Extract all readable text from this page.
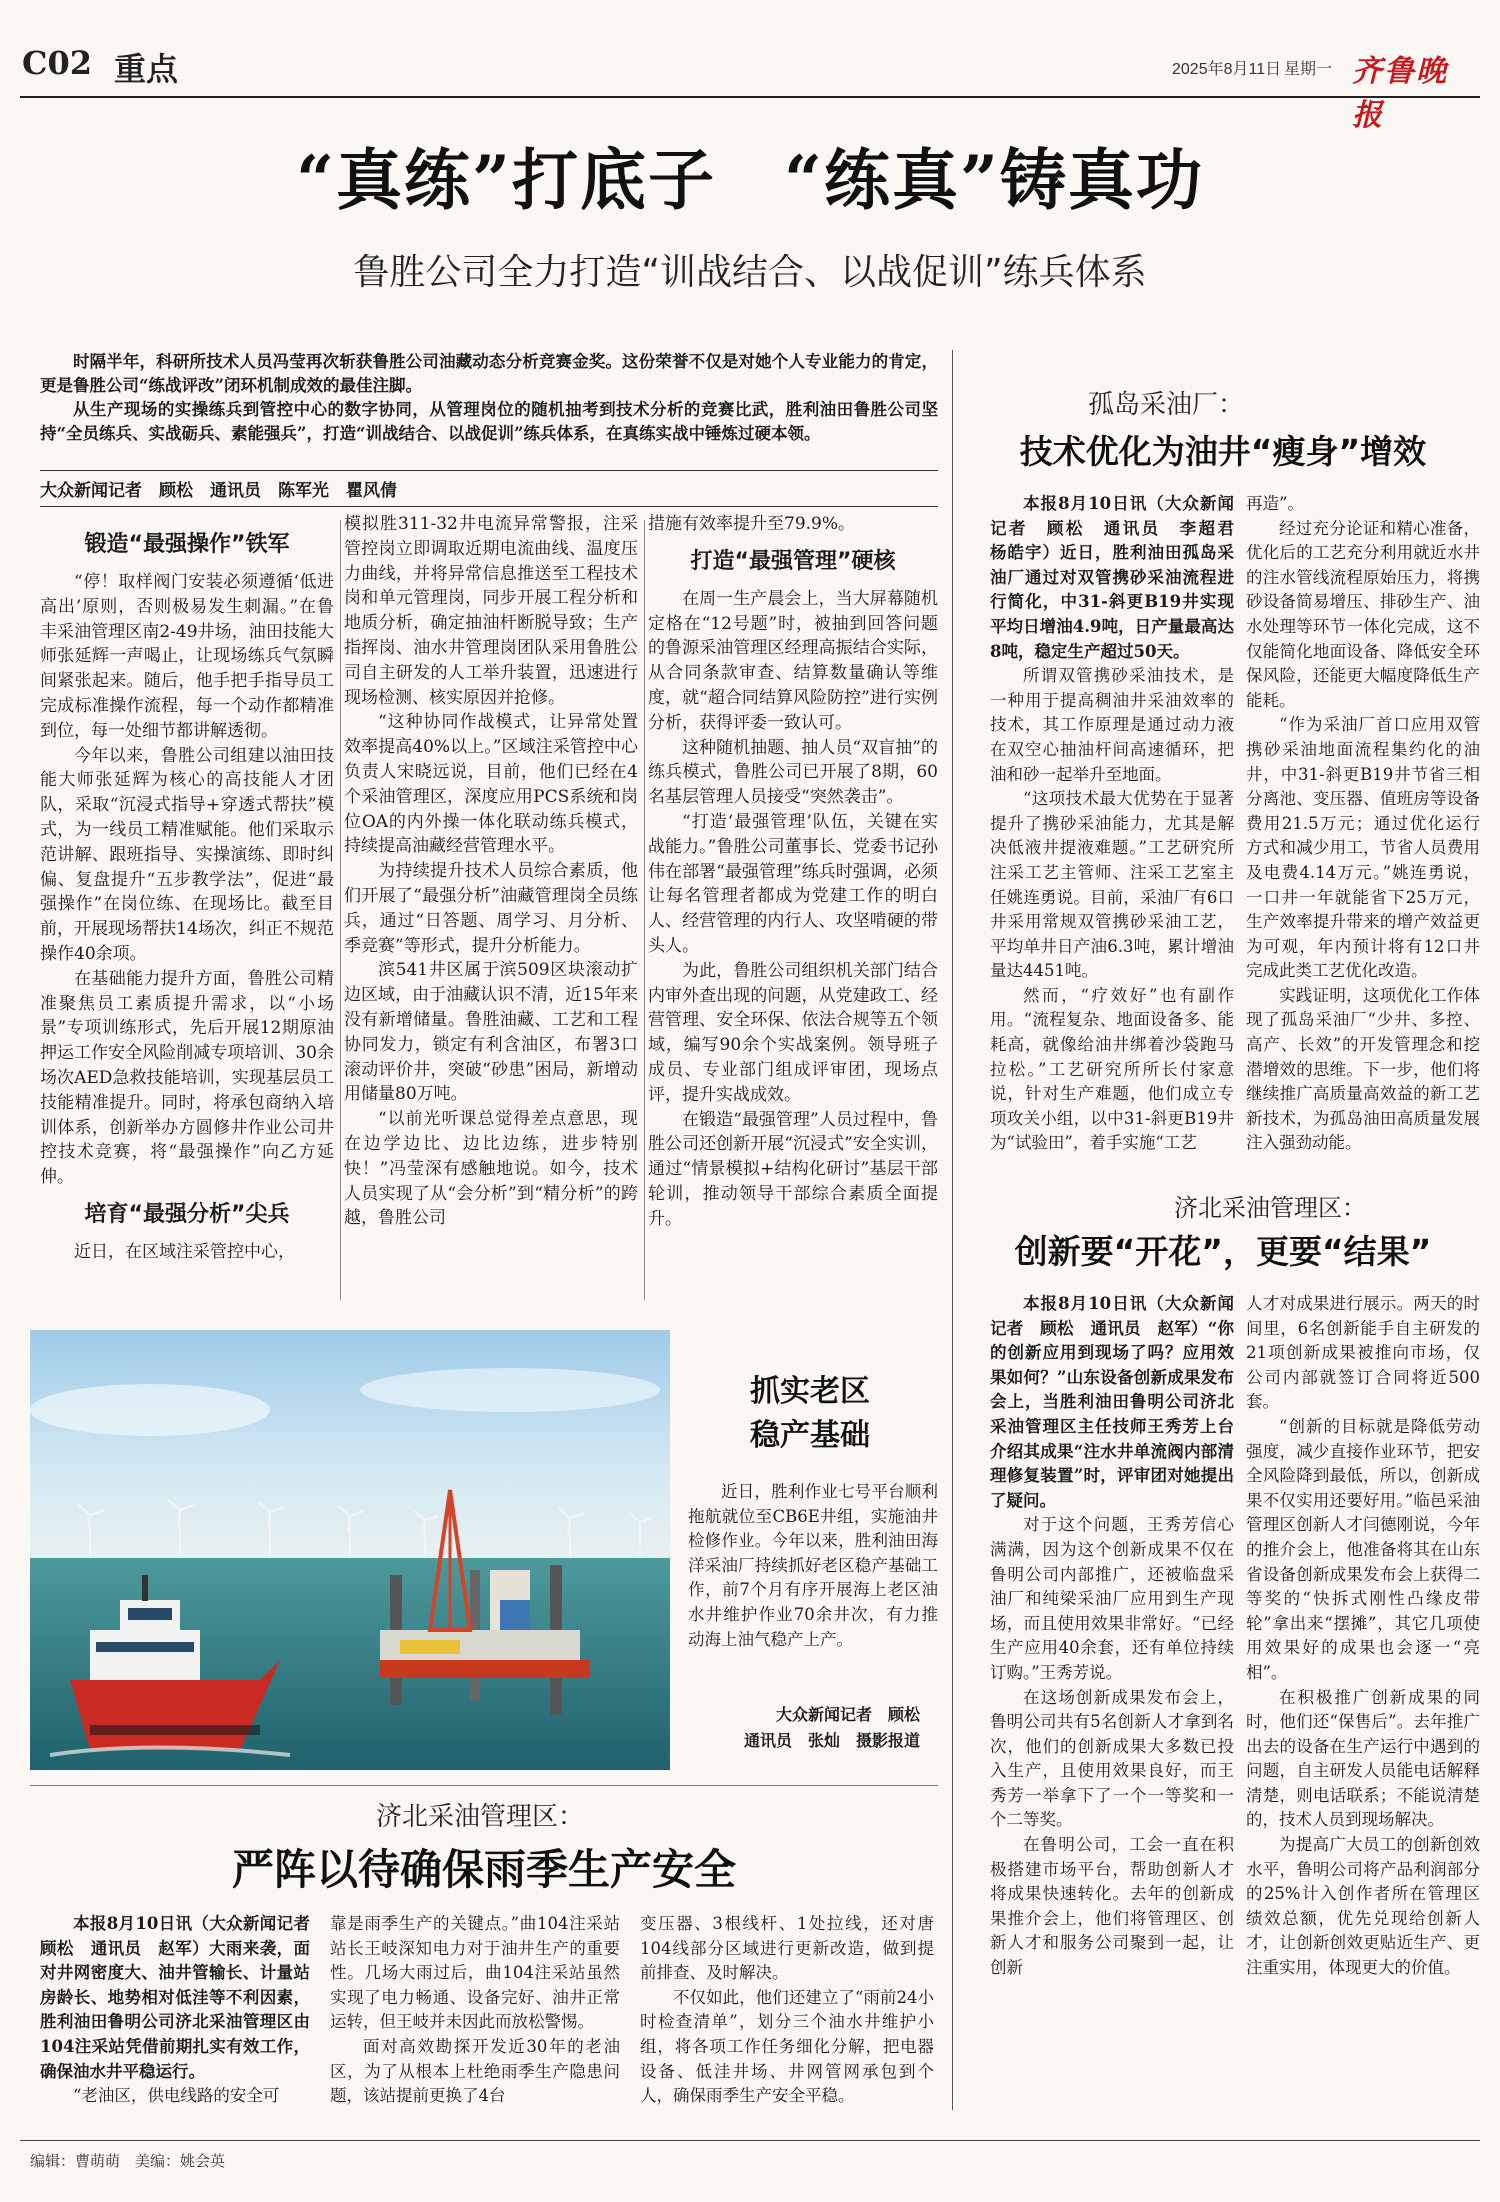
C02 重点	2025年8月11日 星期一 齐鲁晚报
“真练”打底子　“练真”铸真功
鲁胜公司全力打造“训战结合、以战促训”练兵体系

时隔半年，科研所技术人员冯莹再次斩获鲁胜公司油藏动态分析竞赛金奖。这份荣誉不仅是对她个人专业能力的肯定，更是鲁胜公司“练战评改”闭环机制成效的最佳注脚。

从生产现场的实操练兵到管控中心的数字协同，从管理岗位的随机抽考到技术分析的竞赛比武，胜利油田鲁胜公司坚持“全员练兵、实战砺兵、素能强兵”，打造“训战结合、以战促训”练兵体系，在真练实战中锤炼过硬本领。

大众新闻记者　顾松　通讯员　陈军光　瞿风倩
锻造“最强操作”铁军

“停！取样阀门安装必须遵循‘低进高出’原则，否则极易发生刺漏。”在鲁丰采油管理区南2-49井场，油田技能大师张延辉一声喝止，让现场练兵气氛瞬间紧张起来。随后，他手把手指导员工完成标准操作流程，每一个动作都精准到位，每一处细节都讲解透彻。

今年以来，鲁胜公司组建以油田技能大师张延辉为核心的高技能人才团队，采取“沉浸式指导+穿透式帮扶”模式，为一线员工精准赋能。他们采取示范讲解、跟班指导、实操演练、即时纠偏、复盘提升“五步教学法”，促进“最强操作”在岗位练、在现场比。截至目前，开展现场帮扶14场次，纠正不规范操作40余项。

在基础能力提升方面，鲁胜公司精准聚焦员工素质提升需求，以“小场景”专项训练形式，先后开展12期原油押运工作安全风险削减专项培训、30余场次AED急救技能培训，实现基层员工技能精准提升。同时，将承包商纳入培训体系，创新举办方圆修井作业公司井控技术竞赛，将“最强操作”向乙方延伸。

培育“最强分析”尖兵

近日，在区域注采管控中心，

模拟胜311-32井电流异常警报，注采管控岗立即调取近期电流曲线、温度压力曲线，并将异常信息推送至工程技术岗和单元管理岗，同步开展工程分析和地质分析，确定抽油杆断脱导致；生产指挥岗、油水井管理岗团队采用鲁胜公司自主研发的人工举升装置，迅速进行现场检测、核实原因并抢修。

“这种协同作战模式，让异常处置效率提高40%以上。”区域注采管控中心负责人宋晓远说，目前，他们已经在4个采油管理区，深度应用PCS系统和岗位OA的内外操一体化联动练兵模式，持续提高油藏经营管理水平。

为持续提升技术人员综合素质，他们开展了“最强分析”油藏管理岗全员练兵，通过“日答题、周学习、月分析、季竞赛”等形式，提升分析能力。

滨541井区属于滨509区块滚动扩边区域，由于油藏认识不清，近15年来没有新增储量。鲁胜油藏、工艺和工程协同发力，锁定有利含油区，布署3口滚动评价井，突破“砂患”困局，新增动用储量80万吨。

“以前光听课总觉得差点意思，现在边学边比、边比边练，进步特别快！”冯莹深有感触地说。如今，技术人员实现了从“会分析”到“精分析”的跨越，鲁胜公司

措施有效率提升至79.9%。

打造“最强管理”硬核

在周一生产晨会上，当大屏幕随机定格在“12号题”时，被抽到回答问题的鲁源采油管理区经理高振结合实际，从合同条款审查、结算数量确认等维度，就“超合同结算风险防控”进行实例分析，获得评委一致认可。

这种随机抽题、抽人员“双盲抽”的练兵模式，鲁胜公司已开展了8期，60名基层管理人员接受“突然袭击”。

“打造‘最强管理’队伍，关键在实战能力。”鲁胜公司董事长、党委书记孙伟在部署“最强管理”练兵时强调，必须让每名管理者都成为党建工作的明白人、经营管理的内行人、攻坚啃硬的带头人。

为此，鲁胜公司组织机关部门结合内审外查出现的问题，从党建政工、经营管理、安全环保、依法合规等五个领域，编写90余个实战案例。领导班子成员、专业部门组成评审团，现场点评，提升实战成效。

在锻造“最强管理”人员过程中，鲁胜公司还创新开展“沉浸式”安全实训，通过“情景模拟+结构化研讨”基层干部轮训，推动领导干部综合素质全面提升。

孤岛采油厂：
技术优化为油井“瘦身”增效

本报8月10日讯（大众新闻记者　顾松　通讯员　李超君　杨皓宇）近日，胜利油田孤岛采油厂通过对双管携砂采油流程进行简化，中31-斜更B19井实现平均日增油4.9吨，日产量最高达8吨，稳定生产超过50天。

所谓双管携砂采油技术，是一种用于提高稠油井采油效率的技术，其工作原理是通过动力液在双空心抽油杆间高速循环，把油和砂一起举升至地面。

“这项技术最大优势在于显著提升了携砂采油能力，尤其是解决低液井提液难题。”工艺研究所注采工艺主管师、注采工艺室主任姚连勇说。目前，采油厂有6口井采用常规双管携砂采油工艺，平均单井日产油6.3吨，累计增油量达4451吨。

然而，“疗效好”也有副作用。“流程复杂、地面设备多、能耗高，就像给油井绑着沙袋跑马拉松。”工艺研究所所长付家意说，针对生产难题，他们成立专项攻关小组，以中31-斜更B19井为“试验田”，着手实施“工艺

再造”。

经过充分论证和精心准备，优化后的工艺充分利用就近水井的注水管线流程原始压力，将携砂设备简易增压、排砂生产、油水处理等环节一体化完成，这不仅能简化地面设备、降低安全环保风险，还能更大幅度降低生产能耗。

“作为采油厂首口应用双管携砂采油地面流程集约化的油井，中31-斜更B19井节省三相分离池、变压器、值班房等设备费用21.5万元；通过优化运行方式和减少用工，节省人员费用及电费4.14万元。”姚连勇说，一口井一年就能省下25万元，生产效率提升带来的增产效益更为可观，年内预计将有12口井完成此类工艺优化改造。

实践证明，这项优化工作体现了孤岛采油厂“少井、多控、高产、长效”的开发管理念和挖潜增效的思维。下一步，他们将继续推广高质量高效益的新工艺新技术，为孤岛油田高质量发展注入强劲动能。

济北采油管理区：
创新要“开花”，更要“结果”

本报8月10日讯（大众新闻记者　顾松　通讯员　赵军）“你的创新应用到现场了吗？应用效果如何？”山东设备创新成果发布会上，当胜利油田鲁明公司济北采油管理区主任技师王秀芳上台介绍其成果“注水井单流阀内部清理修复装置”时，评审团对她提出了疑问。

对于这个问题，王秀芳信心满满，因为这个创新成果不仅在鲁明公司内部推广，还被临盘采油厂和纯梁采油厂应用到生产现场，而且使用效果非常好。“已经生产应用40余套，还有单位持续订购。”王秀芳说。

在这场创新成果发布会上，鲁明公司共有5名创新人才拿到名次，他们的创新成果大多数已投入生产，且使用效果良好，而王秀芳一举拿下了一个一等奖和一个二等奖。

在鲁明公司，工会一直在积极搭建市场平台，帮助创新人才将成果快速转化。去年的创新成果推介会上，他们将管理区、创新人才和服务公司聚到一起，让创新

人才对成果进行展示。两天的时间里，6名创新能手自主研发的21项创新成果被推向市场，仅公司内部就签订合同将近500套。

“创新的目标就是降低劳动强度，减少直接作业环节，把安全风险降到最低，所以，创新成果不仅实用还要好用。”临邑采油管理区创新人才闫德刚说，今年的推介会上，他准备将其在山东省设备创新成果发布会上获得二等奖的“快拆式刚性凸缘皮带轮”拿出来“摆摊”，其它几项使用效果好的成果也会逐一“亮相”。

在积极推广创新成果的同时，他们还“保售后”。去年推广出去的设备在生产运行中遇到的问题，自主研发人员能电话解释清楚，则电话联系；不能说清楚的，技术人员到现场解决。

为提高广大员工的创新创效水平，鲁明公司将产品利润部分的25%计入创作者所在管理区绩效总额，优先兑现给创新人才，让创新创效更贴近生产、更注重实用，体现更大的价值。

抓实老区
稳产基础
近日，胜利作业七号平台顺利拖航就位至CB6E井组，实施油井检修作业。今年以来，胜利油田海洋采油厂持续抓好老区稳产基础工作，前7个月有序开展海上老区油水井维护作业70余井次，有力推动海上油气稳产上产。
大众新闻记者　顾松
通讯员　张灿　摄影报道
济北采油管理区：
严阵以待确保雨季生产安全

本报8月10日讯（大众新闻记者　顾松　通讯员　赵军）大雨来袭，面对井网密度大、油井管输长、计量站房龄长、地势相对低洼等不利因素，胜利油田鲁明公司济北采油管理区由104注采站凭借前期扎实有效工作，确保油水井平稳运行。

“老油区，供电线路的安全可

靠是雨季生产的关键点。”曲104注采站站长王岐深知电力对于油井生产的重要性。几场大雨过后，曲104注采站虽然实现了电力畅通、设备完好、油井正常运转，但王岐并未因此而放松警惕。

面对高效勘探开发近30年的老油区，为了从根本上杜绝雨季生产隐患问题，该站提前更换了4台

变压器、3根线杆、1处拉线，还对唐104线部分区域进行更新改造，做到提前排查、及时解决。

不仅如此，他们还建立了“雨前24小时检查清单”，划分三个油水井维护小组，将各项工作任务细化分解，把电器设备、低洼井场、井网管网承包到个人，确保雨季生产安全平稳。

编辑：曹萌萌　美编：姚会英
